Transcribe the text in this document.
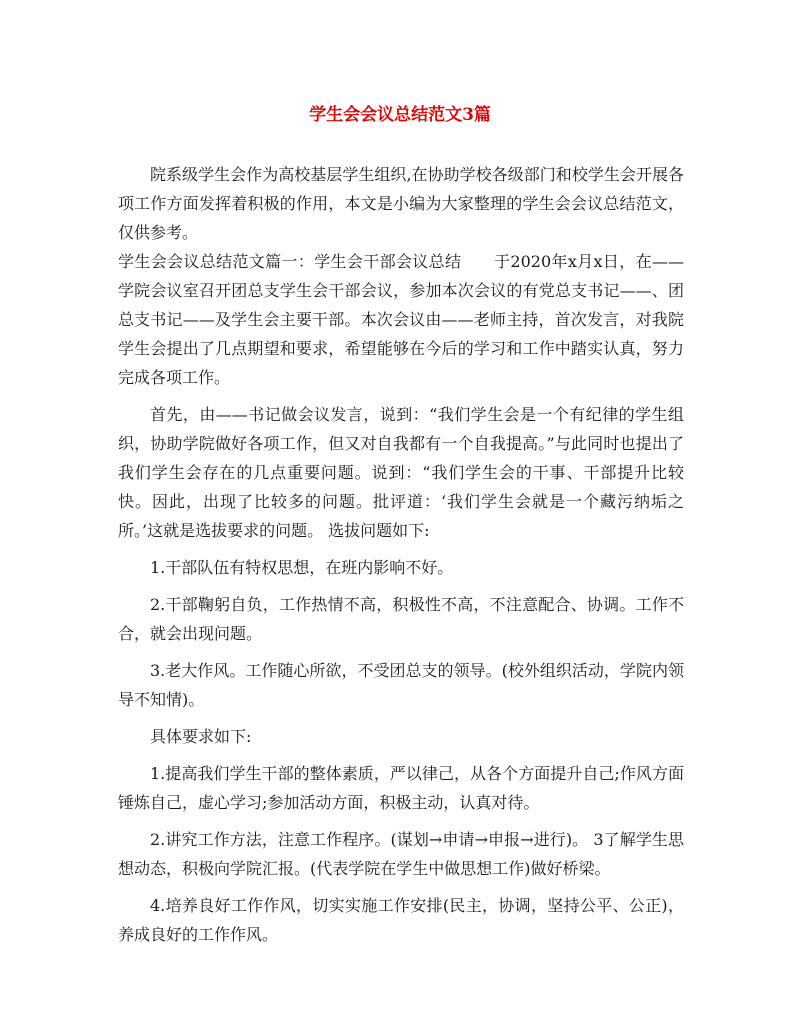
学生会会议总结范文3篇

院系级学生会作为高校基层学生组织,在协助学校各级部门和校学生会开展各项工作方面发挥着积极的作用，本文是小编为大家整理的学生会会议总结范文，仅供参考。

学生会会议总结范文篇一：学生会干部会议总结　　于2020年x月x日，在——学院会议室召开团总支学生会干部会议，参加本次会议的有党总支书记——、团总支书记——及学生会主要干部。本次会议由——老师主持，首次发言，对我院学生会提出了几点期望和要求，希望能够在今后的学习和工作中踏实认真，努力完成各项工作。

首先，由——书记做会议发言，说到：“我们学生会是一个有纪律的学生组织，协助学院做好各项工作，但又对自我都有一个自我提高。”与此同时也提出了我们学生会存在的几点重要问题。说到：“我们学生会的干事、干部提升比较快。因此，出现了比较多的问题。批评道：‘我们学生会就是一个藏污纳垢之所。’这就是选拔要求的问题。 选拔问题如下:

1.干部队伍有特权思想，在班内影响不好。

2.干部鞠躬自负，工作热情不高，积极性不高，不注意配合、协调。工作不合，就会出现问题。

3.老大作风。工作随心所欲，不受团总支的领导。(校外组织活动，学院内领导不知情)。

具体要求如下:

1.提高我们学生干部的整体素质，严以律己，从各个方面提升自己;作风方面锤炼自己，虚心学习;参加活动方面，积极主动，认真对待。

2.讲究工作方法，注意工作程序。(谋划→申请→申报→进行)。 3了解学生思想动态，积极向学院汇报。(代表学院在学生中做思想工作)做好桥梁。

4.培养良好工作作风，切实实施工作安排(民主，协调，坚持公平、公正)，养成良好的工作作风。
